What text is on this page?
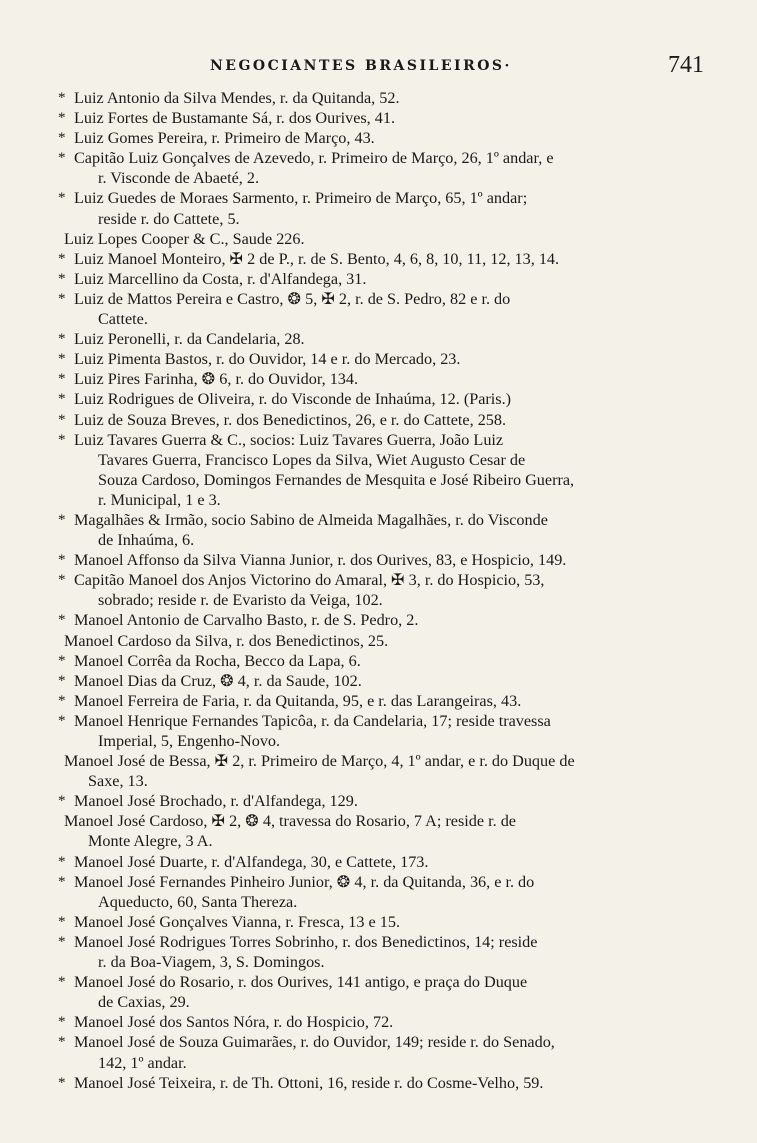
NEGOCIANTES BRASILEIROS·	741
* Luiz Antonio da Silva Mendes, r. da Quitanda, 52.
* Luiz Fortes de Bustamante Sá, r. dos Ourives, 41.
* Luiz Gomes Pereira, r. Primeiro de Março, 43.
* Capitão Luiz Gonçalves de Azevedo, r. Primeiro de Março, 26, 1º andar, e
r. Visconde de Abaeté, 2.
* Luiz Guedes de Moraes Sarmento, r. Primeiro de Março, 65, 1º andar;
reside r. do Cattete, 5.
Luiz Lopes Cooper & C., Saude 226.
* Luiz Manoel Monteiro, ✠ 2 de P., r. de S. Bento, 4, 6, 8, 10, 11, 12, 13, 14.
* Luiz Marcellino da Costa, r. d'Alfandega, 31.
* Luiz de Mattos Pereira e Castro, ❂ 5, ✠ 2, r. de S. Pedro, 82 e r. do
Cattete.
* Luiz Peronelli, r. da Candelaria, 28.
* Luiz Pimenta Bastos, r. do Ouvidor, 14 e r. do Mercado, 23.
* Luiz Pires Farinha, ❂ 6, r. do Ouvidor, 134.
* Luiz Rodrigues de Oliveira, r. do Visconde de Inhaúma, 12. (Paris.)
* Luiz de Souza Breves, r. dos Benedictinos, 26, e r. do Cattete, 258.
* Luiz Tavares Guerra & C., socios: Luiz Tavares Guerra, João Luiz
Tavares Guerra, Francisco Lopes da Silva, Wiet Augusto Cesar de
Souza Cardoso, Domingos Fernandes de Mesquita e José Ribeiro Guerra,
r. Municipal, 1 e 3.
* Magalhães & Irmão, socio Sabino de Almeida Magalhães, r. do Visconde
de Inhaúma, 6.
* Manoel Affonso da Silva Vianna Junior, r. dos Ourives, 83, e Hospicio, 149.
* Capitão Manoel dos Anjos Victorino do Amaral, ✠ 3, r. do Hospicio, 53,
sobrado; reside r. de Evaristo da Veiga, 102.
* Manoel Antonio de Carvalho Basto, r. de S. Pedro, 2.
Manoel Cardoso da Silva, r. dos Benedictinos, 25.
* Manoel Corrêa da Rocha, Becco da Lapa, 6.
* Manoel Dias da Cruz, ❂ 4, r. da Saude, 102.
* Manoel Ferreira de Faria, r. da Quitanda, 95, e r. das Larangeiras, 43.
* Manoel Henrique Fernandes Tapicôa, r. da Candelaria, 17; reside travessa
Imperial, 5, Engenho-Novo.
Manoel José de Bessa, ✠ 2, r. Primeiro de Março, 4, 1º andar, e r. do Duque de
Saxe, 13.
* Manoel José Brochado, r. d'Alfandega, 129.
Manoel José Cardoso, ✠ 2, ❂ 4, travessa do Rosario, 7 A; reside r. de
Monte Alegre, 3 A.
* Manoel José Duarte, r. d'Alfandega, 30, e Cattete, 173.
* Manoel José Fernandes Pinheiro Junior, ❂ 4, r. da Quitanda, 36, e r. do
Aqueducto, 60, Santa Thereza.
* Manoel José Gonçalves Vianna, r. Fresca, 13 e 15.
* Manoel José Rodrigues Torres Sobrinho, r. dos Benedictinos, 14; reside
r. da Boa-Viagem, 3, S. Domingos.
* Manoel José do Rosario, r. dos Ourives, 141 antigo, e praça do Duque
de Caxias, 29.
* Manoel José dos Santos Nóra, r. do Hospicio, 72.
* Manoel José de Souza Guimarães, r. do Ouvidor, 149; reside r. do Senado,
142, 1º andar.
* Manoel José Teixeira, r. de Th. Ottoni, 16, reside r. do Cosme-Velho, 59.
